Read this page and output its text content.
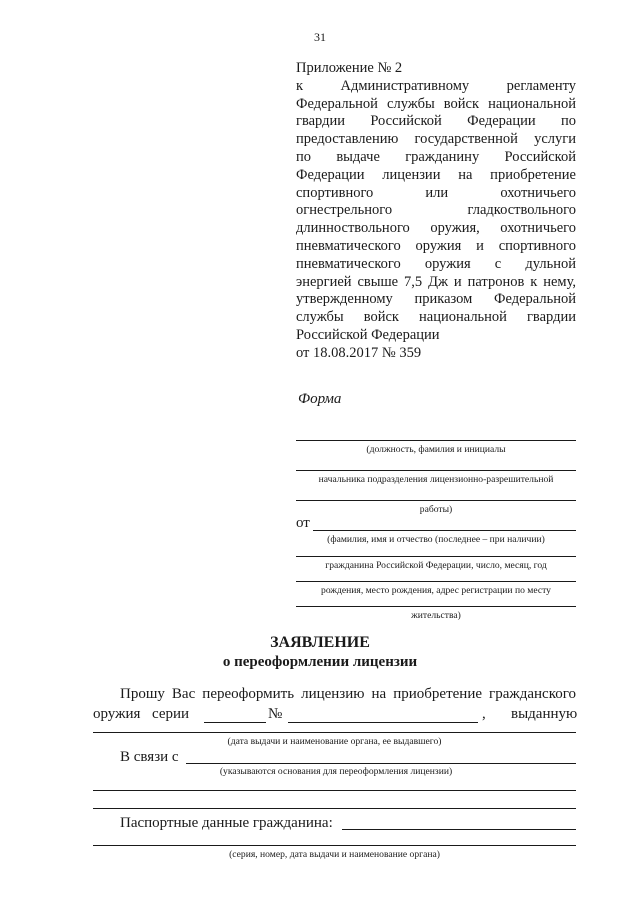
31
Приложение № 2
к	Административному	регламенту
Федеральной службы войск национальной
гвардии Российской Федерации по
предоставлению государственной услуги
по выдаче гражданину Российской
Федерации лицензии на приобретение
спортивного	или	охотничьего
огнестрельного	гладкоствольного
длинноствольного оружия, охотничьего
пневматического оружия и спортивного
пневматического оружия с дульной
энергией свыше 7,5 Дж и патронов к нему,
утвержденному приказом Федеральной
службы войск национальной гвардии
Российской Федерации
от 18.08.2017 № 359
Форма
(должность, фамилия и инициалы
начальника подразделения лицензионно-разрешительной
работы)
от
(фамилия, имя и отчество (последнее – при наличии)
гражданина Российской Федерации, число, месяц, год
рождения, место рождения, адрес регистрации по месту
жительства)
ЗАЯВЛЕНИЕ
о переоформлении лицензии
Прошу Вас переоформить лицензию на приобретение гражданского
оружия серии	№	, выданную
(дата выдачи и наименование органа, ее выдавшего)
В связи с
(указываются основания для переоформления лицензии)
Паспортные данные гражданина:
(серия, номер, дата выдачи и наименование органа)
